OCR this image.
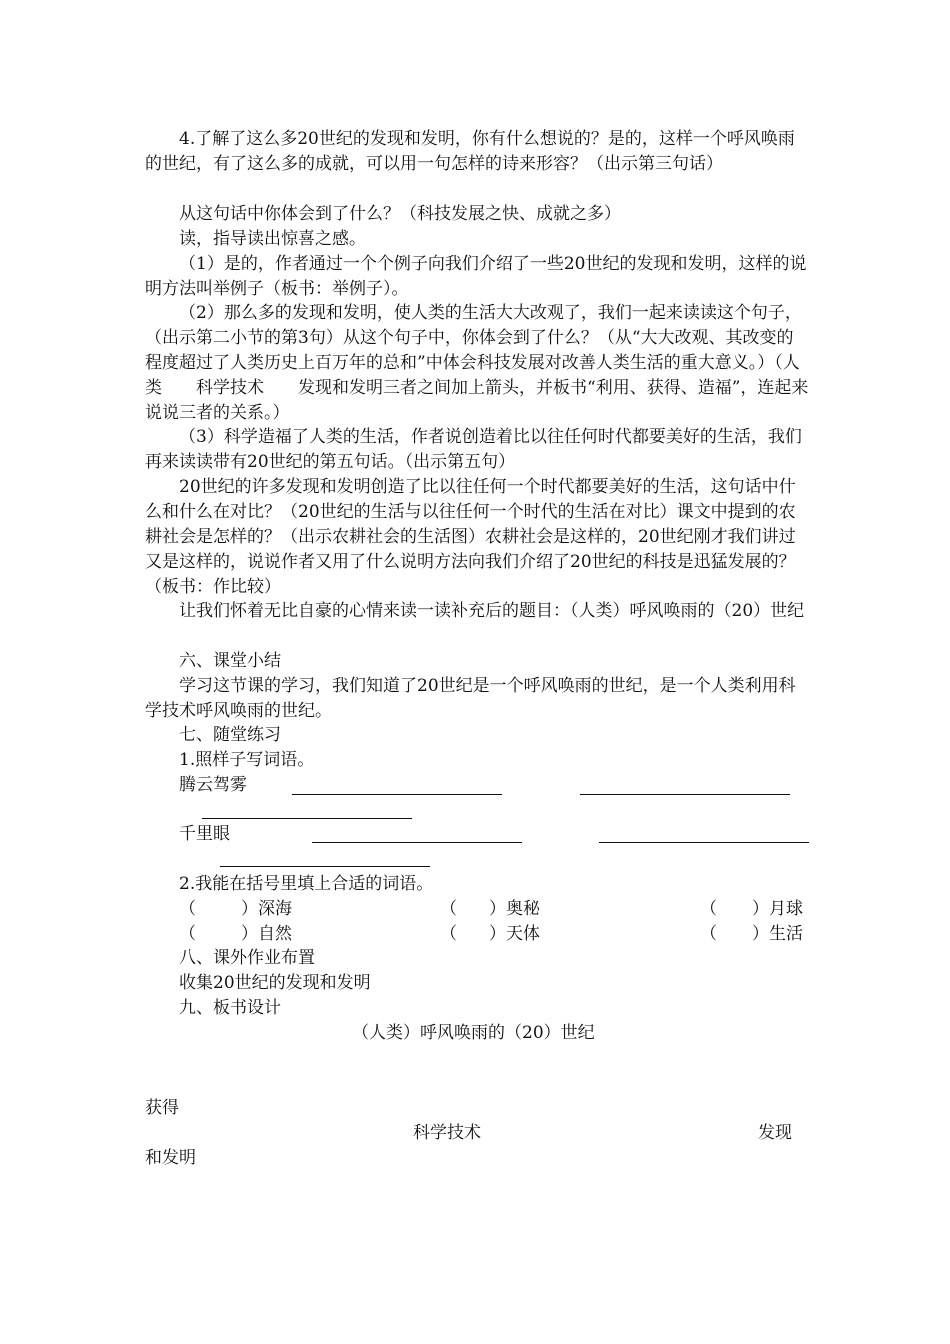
4.了解了这么多20世纪的发现和发明，你有什么想说的？是的，这样一个呼风唤雨的世纪，有了这么多的成就，可以用一句怎样的诗来形容？（出示第三句话）

从这句话中你体会到了什么？（科技发展之快、成就之多）

读，指导读出惊喜之感。

（1）是的，作者通过一个个例子向我们介绍了一些20世纪的发现和发明，这样的说明方法叫举例子（板书：举例子）。

（2）那么多的发现和发明，使人类的生活大大改观了，我们一起来读读这个句子，（出示第二小节的第3句）从这个句子中，你体会到了什么？（从“大大改观、其改变的程度超过了人类历史上百万年的总和”中体会科技发展对改善人类生活的重大意义。）（人类　　科学技术　　发现和发明三者之间加上箭头，并板书“利用、获得、造福”，连起来说说三者的关系。）

（3）科学造福了人类的生活，作者说创造着比以往任何时代都要美好的生活，我们再来读读带有20世纪的第五句话。（出示第五句）

20世纪的许多发现和发明创造了比以往任何一个时代都要美好的生活，这句话中什么和什么在对比？（20世纪的生活与以往任何一个时代的生活在对比）课文中提到的农耕社会是怎样的？（出示农耕社会的生活图）农耕社会是这样的，20世纪刚才我们讲过又是这样的，说说作者又用了什么说明方法向我们介绍了20世纪的科技是迅猛发展的？（板书：作比较）

让我们怀着无比自豪的心情来读一读补充后的题目：（人类）呼风唤雨的（20）世纪

六、课堂小结

学习这节课的学习，我们知道了20世纪是一个呼风唤雨的世纪，是一个人类利用科学技术呼风唤雨的世纪。

七、随堂练习

1.照样子写词语。

腾云驾雾
千里眼

2.我能在括号里填上合适的词语。

（	） 深海	（ ） 奥秘	（ ） 月球
（	） 自然	（ ） 天体	（ ） 生活

八、课外作业布置

收集20世纪的发现和发明

九、板书设计

（人类）呼风唤雨的（20）世纪

获得
科学技术	发现
和发明
